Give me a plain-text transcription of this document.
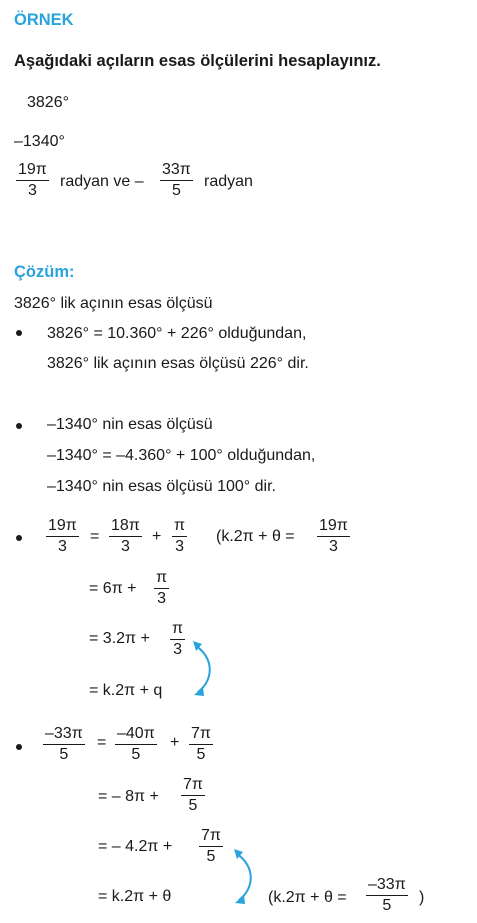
ÖRNEK
Aşağıdaki açıların esas ölçülerini hesaplayınız.
3826°
–1340°
$\frac{19\pi}{3}$ radyan ve – $\frac{33\pi}{5}$ radyan
Çözüm:
3826° lik açının esas ölçüsü
3826° = 10.360° + 226° olduğundan,
3826° lik açının esas ölçüsü 226° dir.
–1340° nin esas ölçüsü
–1340° = –4.360° + 100° olduğundan,
–1340° nin esas ölçüsü 100° dir.
$\frac{19\pi}{3} = \frac{18\pi}{3} + \frac{\pi}{3} (k.2\pi + \theta = \frac{19\pi}{3}$
= $6\pi + \frac{\pi}{3}$
= $3.2\pi + \frac{\pi}{3}$
= k.2π + q
$\frac{-33\pi}{5} = \frac{-40\pi}{5} + \frac{7\pi}{5}$
= – $8\pi + \frac{7\pi}{5}$
= – $4.2\pi + \frac{7\pi}{5}$
= k.2π + θ	($k.2\pi + \theta = \frac{-33\pi}{5}$ )
